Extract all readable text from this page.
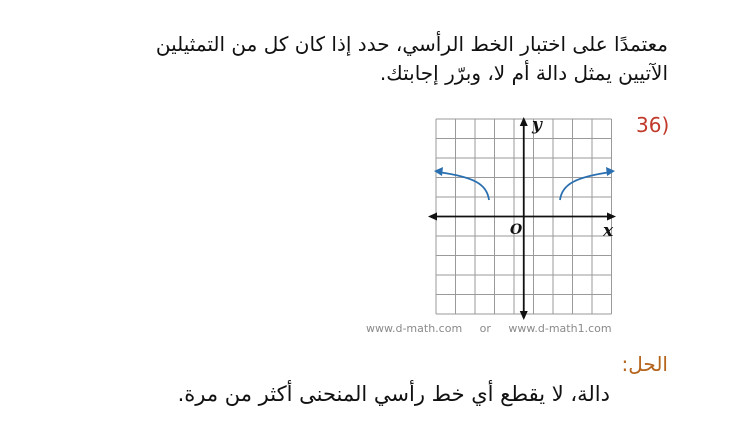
معتمدًا على اختبار الخط الرأسي، حدد إذا كان كل من التمثيلين
الآتيين يمثل دالة أم لا، وبرّر إجابتك.
36)
y
x
O
www.d-math.com or www.d-math1.com
الحل:
دالة، لا يقطع أي خط رأسي المنحنى أكثر من مرة.
